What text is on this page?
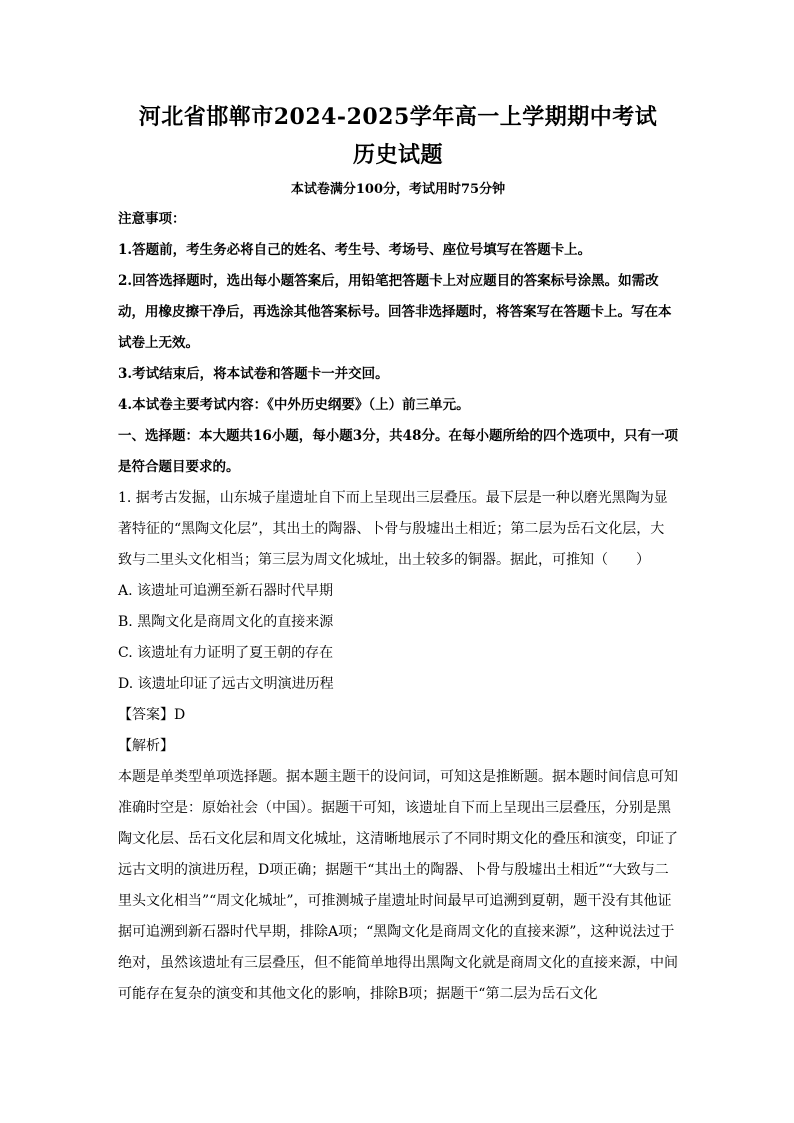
河北省邯郸市2024-2025学年高一上学期期中考试
历史试题
本试卷满分100分，考试用时75分钟
注意事项：
1.答题前，考生务必将自己的姓名、考生号、考场号、座位号填写在答题卡上。
2.回答选择题时，选出每小题答案后，用铅笔把答题卡上对应题目的答案标号涂黑。如需改动，用橡皮擦干净后，再选涂其他答案标号。回答非选择题时，将答案写在答题卡上。写在本试卷上无效。
3.考试结束后，将本试卷和答题卡一并交回。
4.本试卷主要考试内容：《中外历史纲要》（上）前三单元。
一、选择题：本大题共16小题，每小题3分，共48分。在每小题所给的四个选项中，只有一项是符合题目要求的。
1. 据考古发掘，山东城子崖遗址自下而上呈现出三层叠压。最下层是一种以磨光黑陶为显著特征的“黑陶文化层”，其出土的陶器、卜骨与殷墟出土相近；第二层为岳石文化层，大致与二里头文化相当；第三层为周文化城址，出土较多的铜器。据此，可推知（　　）
A. 该遗址可追溯至新石器时代早期
B. 黑陶文化是商周文化的直接来源
C. 该遗址有力证明了夏王朝的存在
D. 该遗址印证了远古文明演进历程
【答案】D
【解析】
本题是单类型单项选择题。据本题主题干的设问词，可知这是推断题。据本题时间信息可知准确时空是：原始社会（中国）。据题干可知，该遗址自下而上呈现出三层叠压，分别是黑陶文化层、岳石文化层和周文化城址，这清晰地展示了不同时期文化的叠压和演变，印证了远古文明的演进历程，D项正确；据题干“其出土的陶器、卜骨与殷墟出土相近”“大致与二里头文化相当”“周文化城址”，可推测城子崖遗址时间最早可追溯到夏朝，题干没有其他证据可追溯到新石器时代早期，排除A项；“黑陶文化是商周文化的直接来源”，这种说法过于绝对，虽然该遗址有三层叠压，但不能简单地得出黑陶文化就是商周文化的直接来源，中间可能存在复杂的演变和其他文化的影响，排除B项；据题干“第二层为岳石文化
